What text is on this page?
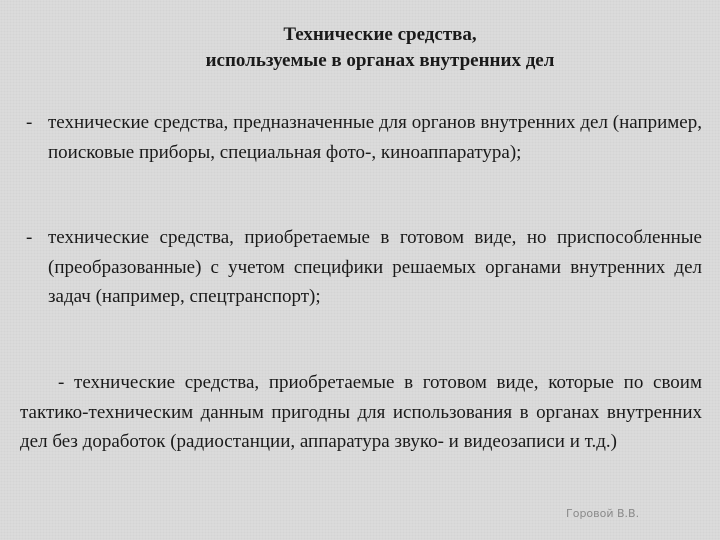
Технические средства,
используемые в органах внутренних дел
- технические средства, предназначенные для органов внутренних дел (например, поисковые приборы, специальная фото-, киноаппаратура);
- технические средства, приобретаемые в готовом виде, но приспособленные (преобразованные) с учетом специфики решаемых органами внутренних дел задач (например, спецтранспорт);
- технические средства, приобретаемые в готовом виде, которые по своим тактико-техническим данным пригодны для использования в органах внутренних дел без доработок (радиостанции, аппаратура звуко- и видеозаписи и т.д.)
Горовой В.В.
